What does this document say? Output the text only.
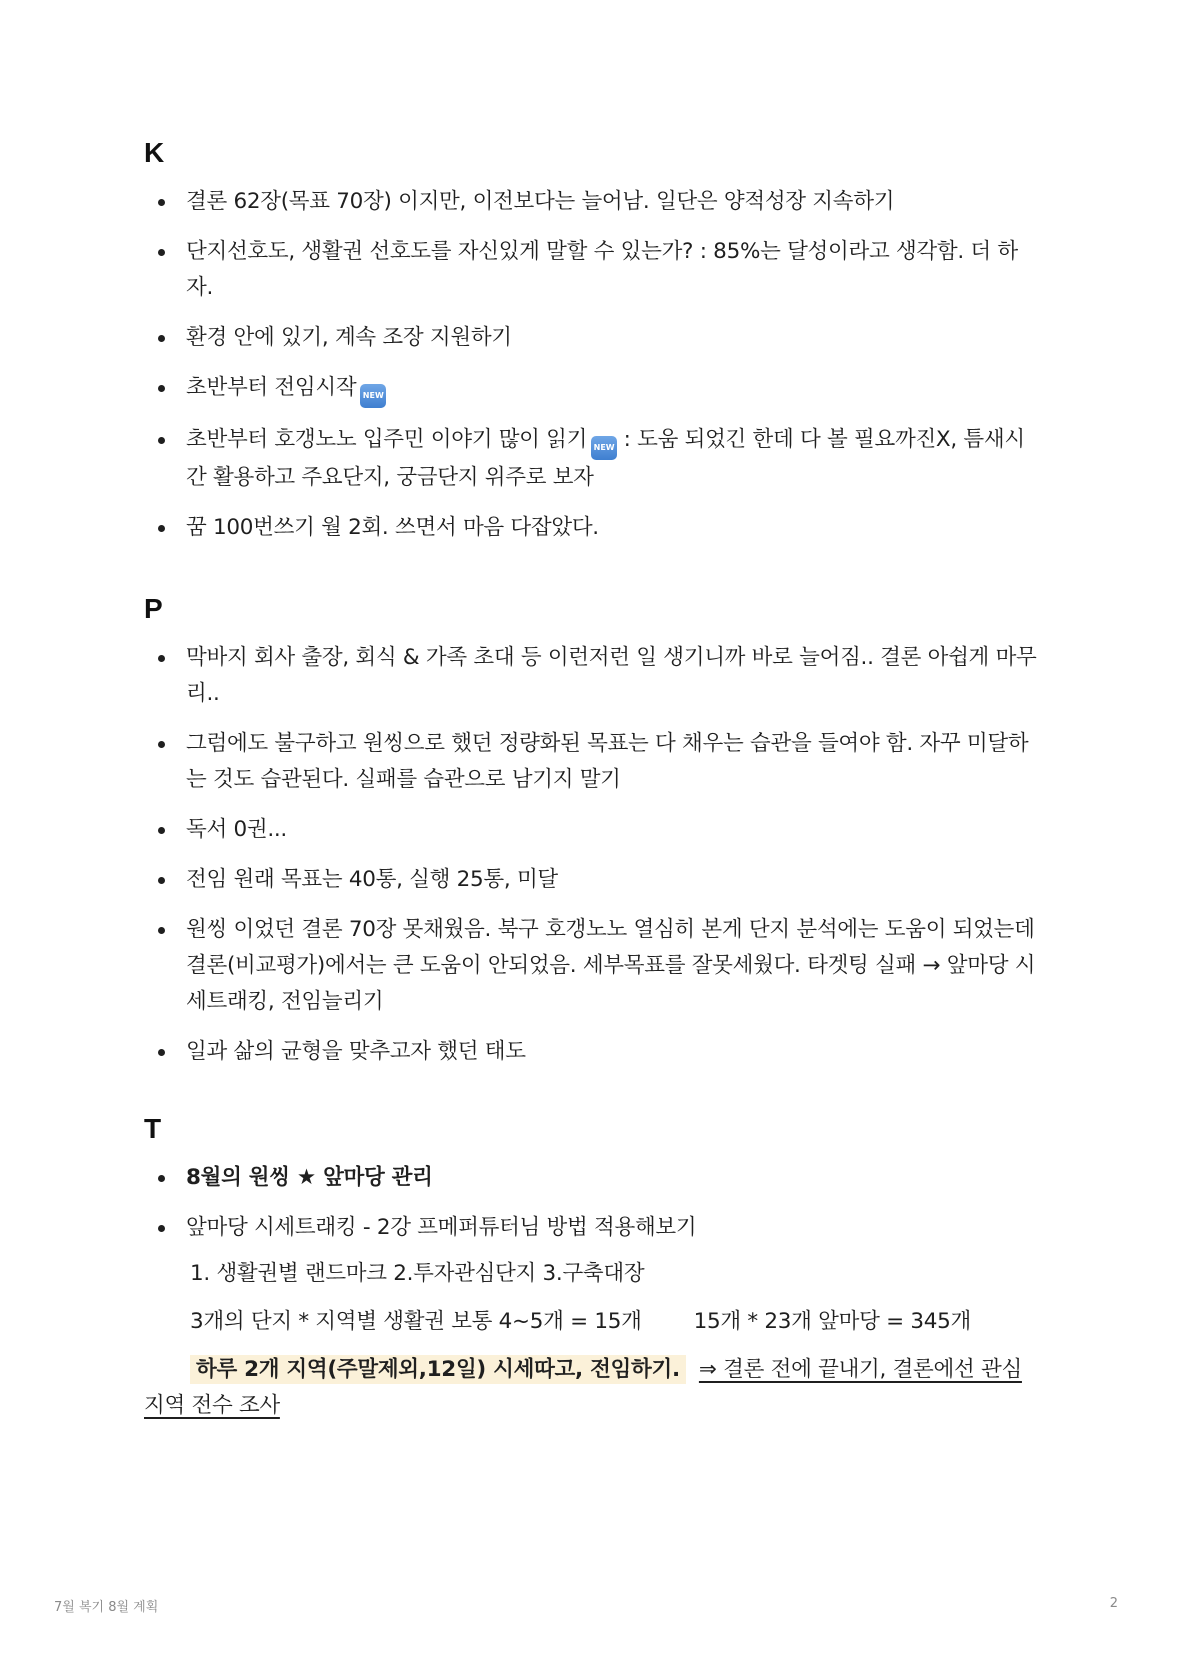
K
결론 62장(목표 70장) 이지만, 이전보다는 늘어남. 일단은 양적성장 지속하기
단지선호도, 생활권 선호도를 자신있게 말할 수 있는가? : 85%는 달성이라고 생각함. 더 하자.
환경 안에 있기, 계속 조장 지원하기
초반부터 전임시작 NEW
초반부터 호갱노노 입주민 이야기 많이 읽기 NEW : 도움 되었긴 한데 다 볼 필요까진X, 틈새시간 활용하고 주요단지, 궁금단지 위주로 보자
꿈 100번쓰기 월 2회. 쓰면서 마음 다잡았다.
P
막바지 회사 출장, 회식 & 가족 초대 등 이런저런 일 생기니까 바로 늘어짐.. 결론 아쉽게 마무리..
그럼에도 불구하고 원씽으로 했던 정량화된 목표는 다 채우는 습관을 들여야 함. 자꾸 미달하는 것도 습관된다. 실패를 습관으로 남기지 말기
독서 0권...
전임 원래 목표는 40통, 실행 25통, 미달
원씽 이었던 결론 70장 못채웠음. 북구 호갱노노 열심히 본게 단지 분석에는 도움이 되었는데 결론(비교평가)에서는 큰 도움이 안되었음. 세부목표를 잘못세웠다. 타겟팅 실패 → 앞마당 시세트래킹, 전임늘리기
일과 삶의 균형을 맞추고자 했던 태도
T
8월의 원씽 ★ 앞마당 관리
앞마당 시세트래킹 - 2강 프메퍼튜터님 방법 적용해보기
1. 생활권별 랜드마크 2.투자관심단지 3.구축대장
3개의 단지 * 지역별 생활권 보통 4~5개 = 15개 15개 * 23개 앞마당 = 345개

하루 2개 지역(주말제외,12일) 시세따고, 전임하기. ⇒ 결론 전에 끝내기, 결론에선 관심 지역 전수 조사

7월 복기 8월 계획	2
